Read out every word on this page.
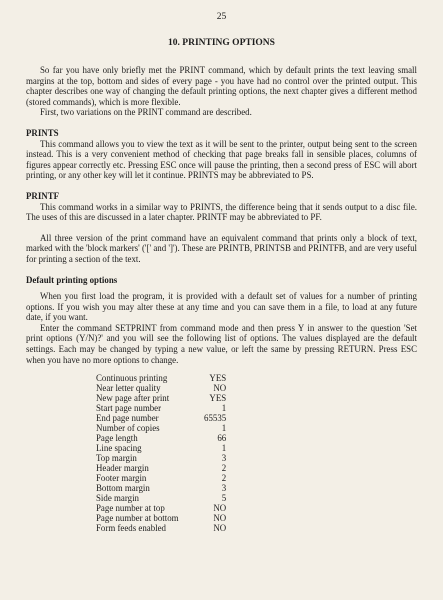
25
10. PRINTING OPTIONS

So far you have only briefly met the PRINT command, which by default prints the text leaving small margins at the top, bottom and sides of every page - you have had no control over the printed output. This chapter describes one way of changing the default printing options, the next chapter gives a different method (stored commands), which is more flexible.

First, two variations on the PRINT command are described.

PRINTS

This command allows you to view the text as it will be sent to the printer, output being sent to the screen instead. This is a very convenient method of checking that page breaks fall in sensible places, columns of figures appear correctly etc. Pressing ESC once will pause the printing, then a second press of ESC will abort printing, or any other key will let it continue. PRINTS may be abbreviated to PS.

PRINTF

This command works in a similar way to PRINTS, the difference being that it sends output to a disc file. The uses of this are discussed in a later chapter. PRINTF may be abbreviated to PF.

All three version of the print command have an equivalent command that prints only a block of text, marked with the 'block markers' ('[' and ']'). These are PRINTB, PRINTSB and PRINTFB, and are very useful for printing a section of the text.

Default printing options

When you first load the program, it is provided with a default set of values for a number of printing options. If you wish you may alter these at any time and you can save them in a file, to load at any future date, if you want.

Enter the command SETPRINT from command mode and then press Y in answer to the question 'Set print options (Y/N)?' and you will see the following list of options. The values displayed are the default settings. Each may be changed by typing a new value, or left the same by pressing RETURN. Press ESC when you have no more options to change.

Continuous printing	YES
Near letter quality	NO
New page after print	YES
Start page number	1
End page number	65535
Number of copies	1
Page length	66
Line spacing	1
Top margin	3
Header margin	2
Footer margin	2
Bottom margin	3
Side margin	5
Page number at top	NO
Page number at bottom	NO
Form feeds enabled	NO
